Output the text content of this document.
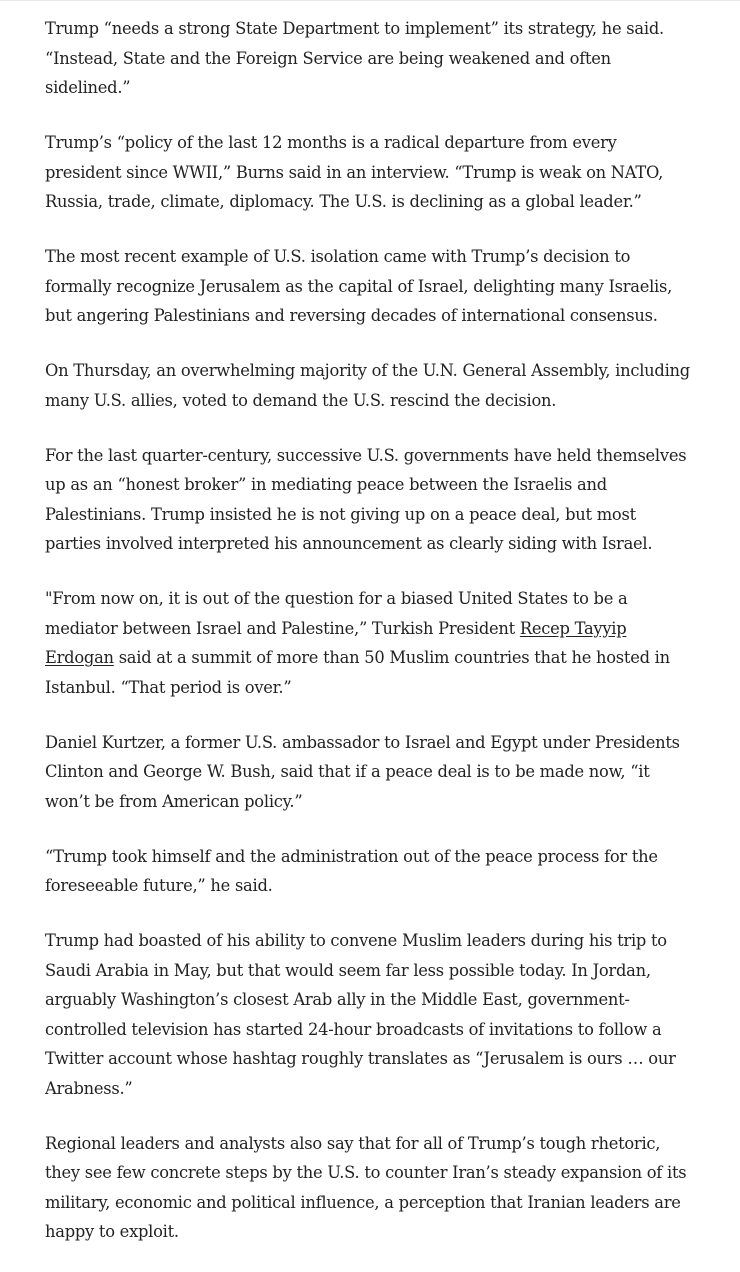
Trump “needs a strong State Department to implement” its strategy, he said. “Instead, State and the Foreign Service are being weakened and often sidelined.”

Trump’s “policy of the last 12 months is a radical departure from every president since WWII,” Burns said in an interview. “Trump is weak on NATO, Russia, trade, climate, diplomacy. The U.S. is declining as a global leader.”

The most recent example of U.S. isolation came with Trump’s decision to formally recognize Jerusalem as the capital of Israel, delighting many Israelis, but angering Palestinians and reversing decades of international consensus.

On Thursday, an overwhelming majority of the U.N. General Assembly, including many U.S. allies, voted to demand the U.S. rescind the decision.

For the last quarter-century, successive U.S. governments have held themselves up as an “honest broker” in mediating peace between the Israelis and Palestinians. Trump insisted he is not giving up on a peace deal, but most parties involved interpreted his announcement as clearly siding with Israel.

"From now on, it is out of the question for a biased United States to be a mediator between Israel and Palestine,” Turkish President Recep Tayyip Erdogan said at a summit of more than 50 Muslim countries that he hosted in Istanbul. “That period is over.”

Daniel Kurtzer, a former U.S. ambassador to Israel and Egypt under Presidents Clinton and George W. Bush, said that if a peace deal is to be made now, “it won’t be from American policy.”

“Trump took himself and the administration out of the peace process for the foreseeable future,” he said.

Trump had boasted of his ability to convene Muslim leaders during his trip to Saudi Arabia in May, but that would seem far less possible today. In Jordan, arguably Washington’s closest Arab ally in the Middle East, government-controlled television has started 24-hour broadcasts of invitations to follow a Twitter account whose hashtag roughly translates as “Jerusalem is ours … our Arabness.”

Regional leaders and analysts also say that for all of Trump’s tough rhetoric, they see few concrete steps by the U.S. to counter Iran’s steady expansion of its military, economic and political influence, a perception that Iranian leaders are happy to exploit.
